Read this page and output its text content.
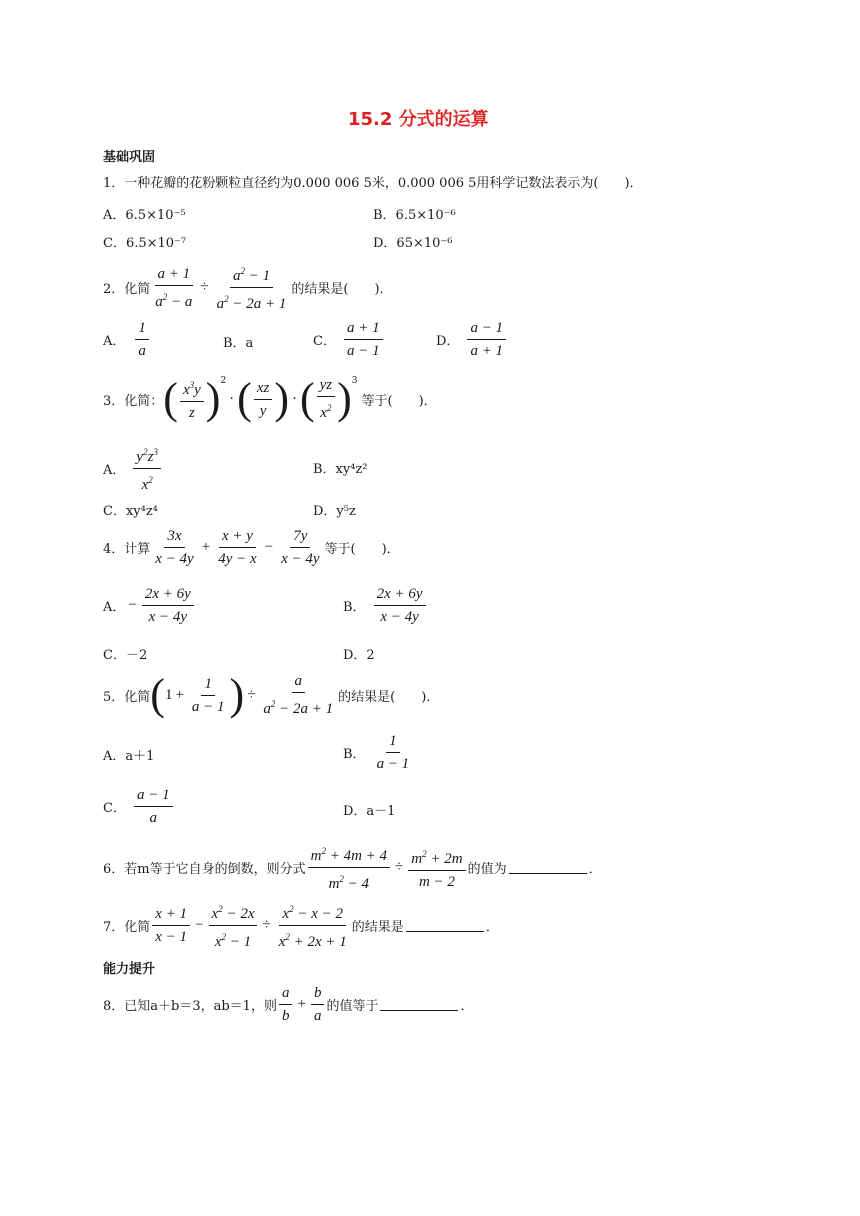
15.2 分式的运算
基础巩固
1．一种花瓣的花粉颗粒直径约为0.000 006 5米，0.000 006 5用科学记数法表示为(　　)．
A．6.5×10⁻⁵	B．6.5×10⁻⁶
C．6.5×10⁻⁷	D．65×10⁻⁶
2．化简 $\frac{a + 1}{a^2 - a} \div \frac{a^2 - 1}{a^2 - 2a + 1}$ 的结果是(　　)．
A． $\frac{1}{a}$	B．a	C． $\frac{a + 1}{a - 1}$	D． $\frac{a - 1}{a + 1}$
3．化简： ( $\frac{x^3y}{z} )^2$
· ( $\frac{xz}{y}$ ) · ( $\frac{yz}{x^2} )^3$
等于(　　)．
A． $\frac{y^2z^3}{x^2}$	B．xy⁴z²
C．xy⁴z⁴	D．y⁵z
4．计算 $\frac{3x}{x - 4y} + \frac{x + y}{4y - x} - \frac{7y}{x - 4y}$ 等于(　　)．
A． − $\frac{2x + 6y}{x - 4y}$	B． $\frac{2x + 6y}{x - 4y}$
C．－2	D．2
5．化简 ( $1 + \frac{1}{a - 1}$ ) ÷ $\frac{a}{a^2 - 2a + 1}$ 的结果是(　　)．
A．a＋1	B． $\frac{1}{a - 1}$
C． $\frac{a - 1}{a}$	D．a－1
6．若m等于它自身的倒数，则分式 $\frac{m^2 + 4m + 4}{m^2 - 4} \div \frac{m^2 + 2m}{m - 2}$ 的值为	．
7．化简 $\frac{x + 1}{x - 1} - \frac{x^2 - 2x}{x^2 - 1} \div \frac{x^2 - x - 2}{x^2 + 2x + 1}$ 的结果是	．
能力提升
8．已知a＋b＝3，ab＝1，则 $\frac{a}{b} + \frac{b}{a}$ 的值等于	．
